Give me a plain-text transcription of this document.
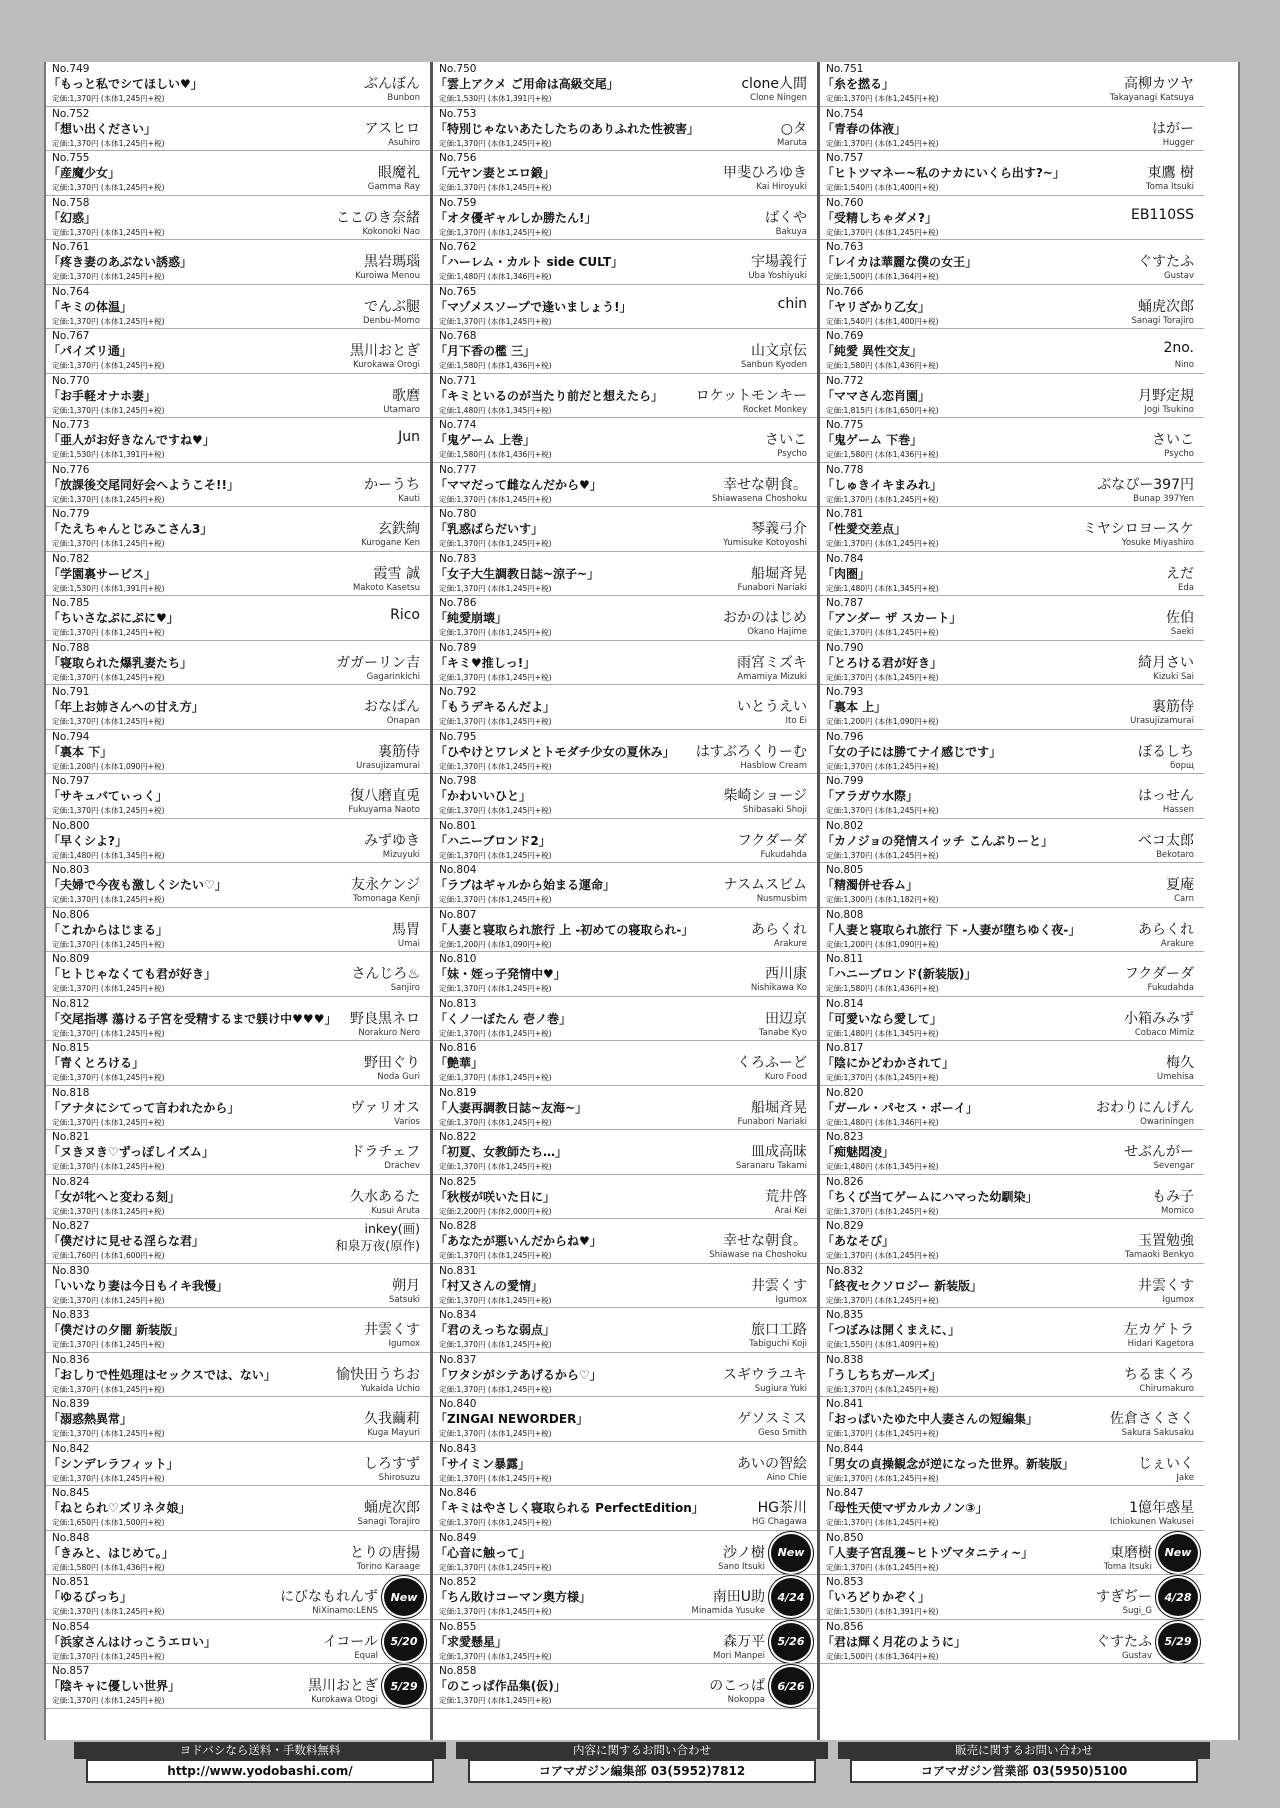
No.749
「もっと私でシてほしい♥」
定価:1,370円 (本体1,245円+税)
ぶんぼん
Bunbon
No.752
「想い出ください」
定価:1,370円 (本体1,245円+税)
アスヒロ
Asuhiro
No.755
「産魔少女」
定価:1,370円 (本体1,245円+税)
眼魔礼
Gamma Ray
No.758
「幻惑」
定価:1,370円 (本体1,245円+税)
ここのき奈緒
Kokonoki Nao
No.761
「疼き妻のあぶない誘惑」
定価:1,370円 (本体1,245円+税)
黒岩瑪瑙
Kuroiwa Menou
No.764
「キミの体温」
定価:1,370円 (本体1,245円+税)
でんぶ腿
Denbu-Momo
No.767
「パイズリ通」
定価:1,370円 (本体1,245円+税)
黒川おとぎ
Kurokawa Orogi
No.770
「お手軽オナホ妻」
定価:1,370円 (本体1,245円+税)
歌麿
Utamaro
No.773
「亜人がお好きなんですね♥」
定価:1,530円 (本体1,391円+税)
Jun
No.776
「放課後交尾同好会へようこそ!!」
定価:1,370円 (本体1,245円+税)
かーうち
Kauti
No.779
「たえちゃんとじみこさん3」
定価:1,370円 (本体1,245円+税)
玄鉄絢
Kurogane Ken
No.782
「学園裏サービス」
定価:1,530円 (本体1,391円+税)
霞雪 誠
Makoto Kasetsu
No.785
「ちいさなぷにぷに♥」
定価:1,370円 (本体1,245円+税)
Rico
No.788
「寝取られた爆乳妻たち」
定価:1,370円 (本体1,245円+税)
ガガーリン吉
Gagarinkichi
No.791
「年上お姉さんへの甘え方」
定価:1,370円 (本体1,245円+税)
おなぱん
Onapan
No.794
「裏本 下」
定価:1,200円 (本体1,090円+税)
裏筋侍
Urasujizamurai
No.797
「サキュバてぃっく」
定価:1,370円 (本体1,245円+税)
復八磨直兎
Fukuyama Naoto
No.800
「早くシよ?」
定価:1,480円 (本体1,345円+税)
みずゆき
Mizuyuki
No.803
「夫婦で今夜も激しくシたい♡」
定価:1,370円 (本体1,245円+税)
友永ケンジ
Tomonaga Kenji
No.806
「これからはじまる」
定価:1,370円 (本体1,245円+税)
馬胃
Umai
No.809
「ヒトじゃなくても君が好き」
定価:1,370円 (本体1,245円+税)
さんじろ♨
Sanjiro
No.812
「交尾指導 蕩ける子宮を受精するまで躾け中♥♥♥」
定価:1,370円 (本体1,245円+税)
野良黒ネロ
Norakuro Nero
No.815
「青くとろける」
定価:1,370円 (本体1,245円+税)
野田ぐり
Noda Guri
No.818
「アナタにシてって言われたから」
定価:1,370円 (本体1,245円+税)
ヴァリオス
Varios
No.821
「ヌきヌき♡ずっぽしイズム」
定価:1,370円 (本体1,245円+税)
ドラチェフ
Drachev
No.824
「女が牝へと変わる刻」
定価:1,370円 (本体1,245円+税)
久水あるた
Kusui Aruta
No.827
「僕だけに見せる淫らな君」
定価:1,760円 (本体1,600円+税)
inkey(画)
和泉万夜(原作)
No.830
「いいなり妻は今日もイキ我慢」
定価:1,370円 (本体1,245円+税)
朔月
Satsuki
No.833
「僕だけの夕闇 新装版」
定価:1,370円 (本体1,245円+税)
井雲くす
Igumox
No.836
「おしりで性処理はセックスでは、ない」
定価:1,370円 (本体1,245円+税)
愉快田うちお
Yukaida Uchio
No.839
「溺惑熱異常」
定価:1,370円 (本体1,245円+税)
久我繭莉
Kuga Mayuri
No.842
「シンデレラフィット」
定価:1,370円 (本体1,245円+税)
しろすず
Shirosuzu
No.845
「ねとられ♡ズリネタ娘」
定価:1,650円 (本体1,500円+税)
蛹虎次郎
Sanagi Torajiro
No.848
「きみと、はじめて。」
定価:1,580円 (本体1,436円+税)
とりの唐揚
Torino Karaage
No.851
「ゆるびっち」
定価:1,370円 (本体1,245円+税)
にびなもれんず
NiXinamo:LENS
New
No.854
「浜家さんはけっこうエロい」
定価:1,370円 (本体1,245円+税)
イコール
Equal
5/20
No.857
「陰キャに優しい世界」
定価:1,370円 (本体1,245円+税)
黒川おとぎ
Kurokawa Otogi
5/29
No.750
「雲上アクメ ご用命は高級交尾」
定価:1,530円 (本体1,391円+税)
clone人間
Clone Ningen
No.753
「特別じゃないあたしたちのありふれた性被害」
定価:1,370円 (本体1,245円+税)
○タ
Maruta
No.756
「元ヤン妻とエロ鍛」
定価:1,370円 (本体1,245円+税)
甲斐ひろゆき
Kai Hiroyuki
No.759
「オタ優ギャルしか勝たん!」
定価:1,370円 (本体1,245円+税)
ばくや
Bakuya
No.762
「ハーレム・カルト side CULT」
定価:1,480円 (本体1,346円+税)
宇場義行
Uba Yoshiyuki
No.765
「マゾメスソープで逢いましょう!」
定価:1,370円 (本体1,245円+税)
chin
No.768
「月下香の檻 三」
定価:1,580円 (本体1,436円+税)
山文京伝
Sanbun Kyoden
No.771
「キミといるのが当たり前だと想えたら」
定価:1,480円 (本体1,345円+税)
ロケットモンキー
Rocket Monkey
No.774
「鬼ゲーム 上巻」
定価:1,580円 (本体1,436円+税)
さいこ
Psycho
No.777
「ママだって雌なんだから♥」
定価:1,370円 (本体1,245円+税)
幸せな朝食。
Shiawasena Choshoku
No.780
「乳惑ばらだいす」
定価:1,370円 (本体1,245円+税)
琴義弓介
Yumisuke Kotoyoshi
No.783
「女子大生調教日誌~涼子~」
定価:1,370円 (本体1,245円+税)
船堀斉晃
Funabori Nariaki
No.786
「純愛崩壊」
定価:1,370円 (本体1,245円+税)
おかのはじめ
Okano Hajime
No.789
「キミ♥推しっ!」
定価:1,370円 (本体1,245円+税)
雨宮ミズキ
Amamiya Mizuki
No.792
「もうデキるんだよ」
定価:1,370円 (本体1,245円+税)
いとうえい
Ito Ei
No.795
「ひやけとワレメとトモダチ少女の夏休み」
定価:1,370円 (本体1,245円+税)
はすぶろくりーむ
Hasblow Cream
No.798
「かわいいひと」
定価:1,370円 (本体1,245円+税)
柴崎ショージ
Shibasaki Shoji
No.801
「ハニーブロンド2」
定価:1,370円 (本体1,245円+税)
フクダーダ
Fukudahda
No.804
「ラブはギャルから始まる運命」
定価:1,370円 (本体1,245円+税)
ナスムスビム
Nusmusbim
No.807
「人妻と寝取られ旅行 上 -初めての寝取られ-」
定価:1,200円 (本体1,090円+税)
あらくれ
Arakure
No.810
「妹・姪っ子発情中♥」
定価:1,370円 (本体1,245円+税)
西川康
Nishikawa Ko
No.813
「くノ一ぼたん 壱ノ巻」
定価:1,370円 (本体1,245円+税)
田辺京
Tanabe Kyo
No.816
「艶華」
定価:1,370円 (本体1,245円+税)
くろふーど
Kuro Food
No.819
「人妻再調教日誌~友海~」
定価:1,370円 (本体1,245円+税)
船堀斉晃
Funabori Nariaki
No.822
「初夏、女教師たち…」
定価:1,370円 (本体1,245円+税)
皿成高昧
Saranaru Takami
No.825
「秋桜が咲いた日に」
定価:2,200円 (本体2,000円+税)
荒井啓
Arai Kei
No.828
「あなたが悪いんだからね♥」
定価:1,370円 (本体1,245円+税)
幸せな朝食。
Shiawase na Choshoku
No.831
「村又さんの愛情」
定価:1,370円 (本体1,245円+税)
井雲くす
Igumox
No.834
「君のえっちな弱点」
定価:1,370円 (本体1,245円+税)
旅口工路
Tabiguchi Koji
No.837
「ワタシがシテあげるから♡」
定価:1,370円 (本体1,245円+税)
スギウラユキ
Sugiura Yuki
No.840
「ZINGAI NEWORDER」
定価:1,370円 (本体1,245円+税)
ゲソスミス
Geso Smith
No.843
「サイミン暴露」
定価:1,370円 (本体1,245円+税)
あいの智絵
Aino Chie
No.846
「キミはやさしく寝取られる PerfectEdition」
定価:1,370円 (本体1,245円+税)
HG茶川
HG Chagawa
No.849
「心音に触って」
定価:1,370円 (本体1,245円+税)
沙ノ樹
Sano Itsuki
New
No.852
「ちん敗けコーマン奥方様」
定価:1,370円 (本体1,245円+税)
南田U助
Minamida Yusuke
4/24
No.855
「求愛懸星」
定価:1,370円 (本体1,245円+税)
森万平
Mori Manpei
5/26
No.858
「のこっぱ作品集(仮)」
定価:1,370円 (本体1,245円+税)
のこっぱ
Nokoppa
6/26
No.751
「糸を撚る」
定価:1,370円 (本体1,245円+税)
高柳カツヤ
Takayanagi Katsuya
No.754
「青春の体液」
定価:1,370円 (本体1,245円+税)
はがー
Hugger
No.757
「ヒトツマネー~私のナカにいくら出す?~」
定価:1,540円 (本体1,400円+税)
東鷹 樹
Toma Itsuki
No.760
「受精しちゃダメ?」
定価:1,370円 (本体1,245円+税)
EB110SS
No.763
「レイカは華麗な僕の女王」
定価:1,500円 (本体1,364円+税)
ぐすたふ
Gustav
No.766
「ヤリざかり乙女」
定価:1,540円 (本体1,400円+税)
蛹虎次郎
Sanagi Torajiro
No.769
「純愛 異性交友」
定価:1,580円 (本体1,436円+税)
2no.
Nino
No.772
「ママさん恋肖園」
定価:1,815円 (本体1,650円+税)
月野定規
Jogi Tsukino
No.775
「鬼ゲーム 下巻」
定価:1,580円 (本体1,436円+税)
さいこ
Psycho
No.778
「しゅきイキまみれ」
定価:1,370円 (本体1,245円+税)
ぶなぴー397円
Bunap 397Yen
No.781
「性愛交差点」
定価:1,370円 (本体1,245円+税)
ミヤシロヨースケ
Yosuke Miyashiro
No.784
「肉圏」
定価:1,480円 (本体1,345円+税)
えだ
Eda
No.787
「アンダー ザ スカート」
定価:1,370円 (本体1,245円+税)
佐伯
Saeki
No.790
「とろける君が好き」
定価:1,370円 (本体1,245円+税)
綺月さい
Kizuki Sai
No.793
「裏本 上」
定価:1,200円 (本体1,090円+税)
裏筋侍
Urasujizamurai
No.796
「女の子には勝てナイ感じです」
定価:1,370円 (本体1,245円+税)
ぼるしち
борщ
No.799
「アラガウ水際」
定価:1,370円 (本体1,245円+税)
はっせん
Hassen
No.802
「カノジョの発情スイッチ こんぶりーと」
定価:1,370円 (本体1,245円+税)
ベコ太郎
Bekotaro
No.805
「精濁併せ呑ム」
定価:1,300円 (本体1,182円+税)
夏庵
Carn
No.808
「人妻と寝取られ旅行 下 -人妻が堕ちゆく夜-」
定価:1,200円 (本体1,090円+税)
あらくれ
Arakure
No.811
「ハニーブロンド(新装版)」
定価:1,580円 (本体1,436円+税)
フクダーダ
Fukudahda
No.814
「可愛いなら愛して」
定価:1,480円 (本体1,345円+税)
小箱みみず
Cobaco Mimiz
No.817
「陰にかどわかされて」
定価:1,370円 (本体1,245円+税)
梅久
Umehisa
No.820
「ガール・パセス・ボーイ」
定価:1,480円 (本体1,346円+税)
おわりにんげん
Owariningen
No.823
「痴魅悶凌」
定価:1,480円 (本体1,345円+税)
せぶんがー
Sevengar
No.826
「ちくび当てゲームにハマった幼馴染」
定価:1,370円 (本体1,245円+税)
もみ子
Momico
No.829
「あなそび」
定価:1,370円 (本体1,245円+税)
玉置勉強
Tamaoki Benkyo
No.832
「終夜セクソロジー 新装版」
定価:1,370円 (本体1,245円+税)
井雲くす
Igumox
No.835
「つぼみは開くまえに、」
定価:1,550円 (本体1,409円+税)
左カゲトラ
Hidari Kagetora
No.838
「うしちちガールズ」
定価:1,370円 (本体1,245円+税)
ちるまくろ
Chirumakuro
No.841
「おっぱいたゆた中人妻さんの短編集」
定価:1,370円 (本体1,245円+税)
佐倉さくさく
Sakura Sakusaku
No.844
「男女の貞操観念が逆になった世界。新装版」
定価:1,370円 (本体1,245円+税)
じぇいく
Jake
No.847
「母性天使マザカルカノン③」
定価:1,370円 (本体1,245円+税)
1億年惑星
Ichiokunen Wakusei
No.850
「人妻子宮乱獲~ヒトヅマタニティ~」
定価:1,370円 (本体1,245円+税)
東磨樹
Toma Itsuki
New
No.853
「いろどりかぞく」
定価:1,530円 (本体1,391円+税)
すぎぢー
Sugi_G
4/28
No.856
「君は輝く月花のように」
定価:1,500円 (本体1,364円+税)
ぐすたふ
Gustav
5/29
ヨドバシなら送料・手数料無料
http://www.yodobashi.com/
内容に関するお問い合わせ
コアマガジン編集部 03(5952)7812
販売に関するお問い合わせ
コアマガジン営業部 03(5950)5100
